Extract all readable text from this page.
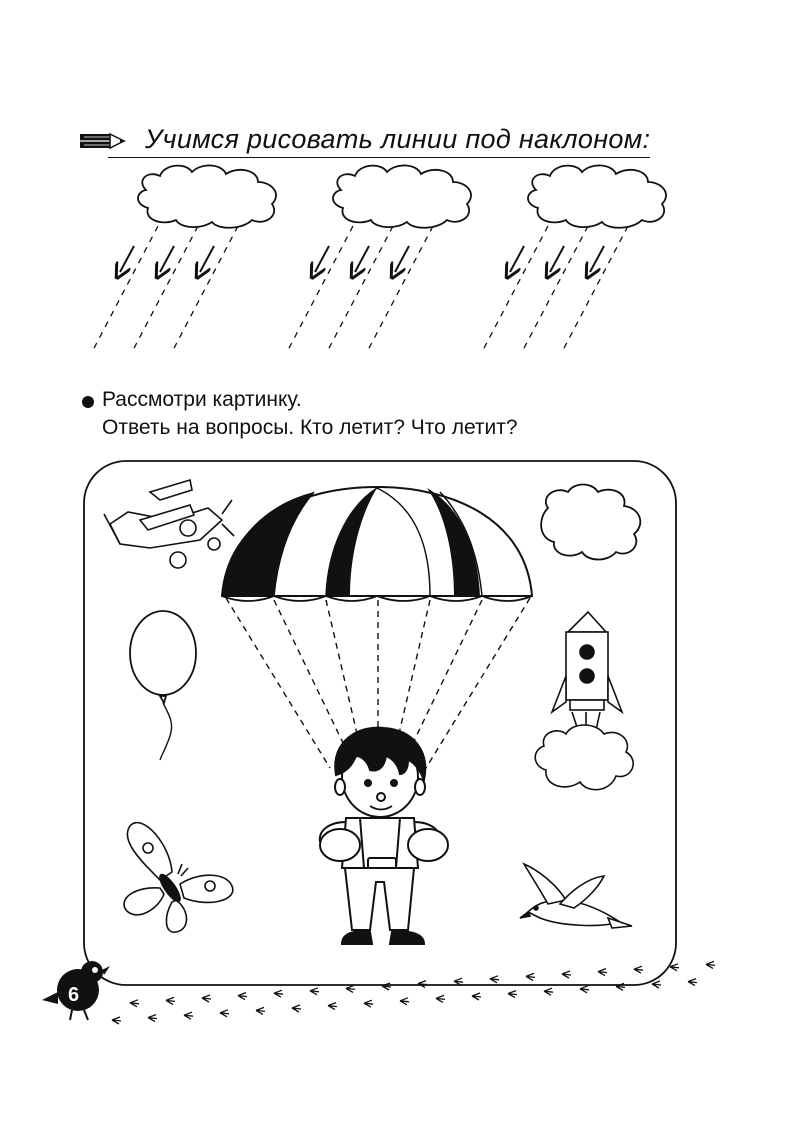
Учимся рисовать линии под наклоном:
Рассмотри картинку.
Ответь на вопросы. Кто летит? Что летит?
6
